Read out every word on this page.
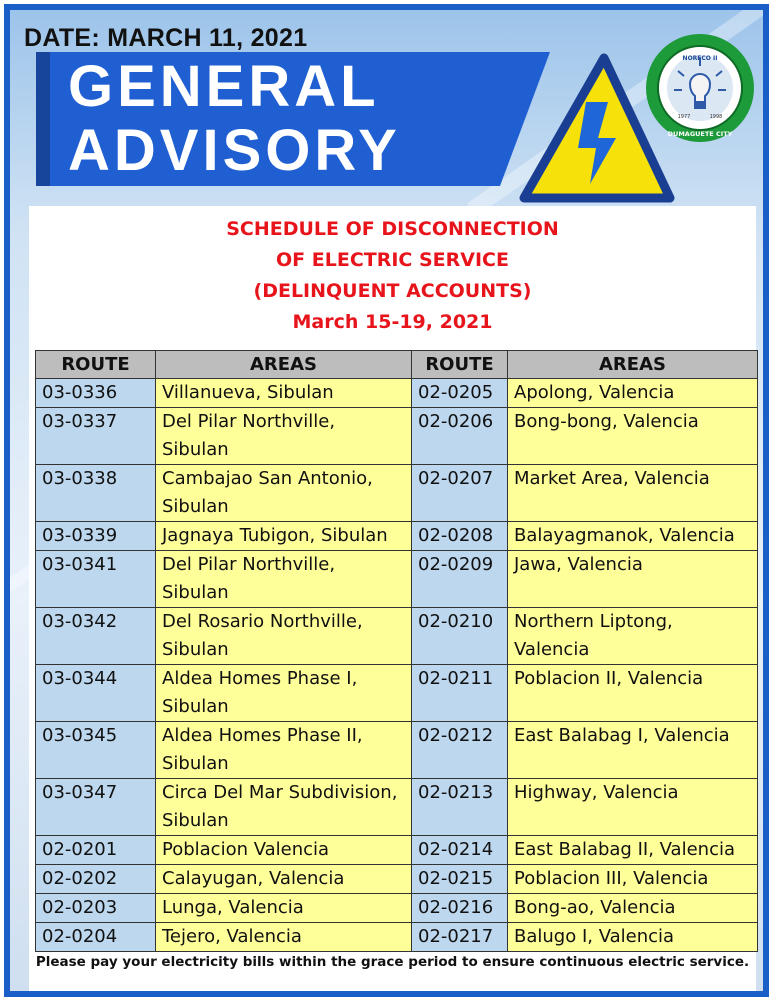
DATE: MARCH 11, 2021
GENERAL
ADVISORY
NORECO II
1977	1998
DUMAGUETE CITY
SCHEDULE OF DISCONNECTION
OF ELECTRIC SERVICE
(DELINQUENT ACCOUNTS)
March 15-19, 2021
ROUTE	AREAS	ROUTE	AREAS
03-0336	Villanueva, Sibulan	02-0205	Apolong, Valencia
03-0337	Del Pilar Northville, Sibulan	02-0206	Bong-bong, Valencia
03-0338	Cambajao San Antonio, Sibulan	02-0207	Market Area, Valencia
03-0339	Jagnaya Tubigon, Sibulan	02-0208	Balayagmanok, Valencia
03-0341	Del Pilar Northville, Sibulan	02-0209	Jawa, Valencia
03-0342	Del Rosario Northville, Sibulan	02-0210	Northern Liptong, Valencia
03-0344	Aldea Homes Phase I, Sibulan	02-0211	Poblacion II, Valencia
03-0345	Aldea Homes Phase II, Sibulan	02-0212	East Balabag I, Valencia
03-0347	Circa Del Mar Subdivision, Sibulan	02-0213	Highway, Valencia
02-0201	Poblacion Valencia	02-0214	East Balabag II, Valencia
02-0202	Calayugan, Valencia	02-0215	Poblacion III, Valencia
02-0203	Lunga, Valencia	02-0216	Bong-ao, Valencia
02-0204	Tejero, Valencia	02-0217	Balugo I, Valencia
Please pay your electricity bills within the grace period to ensure continuous electric service.
